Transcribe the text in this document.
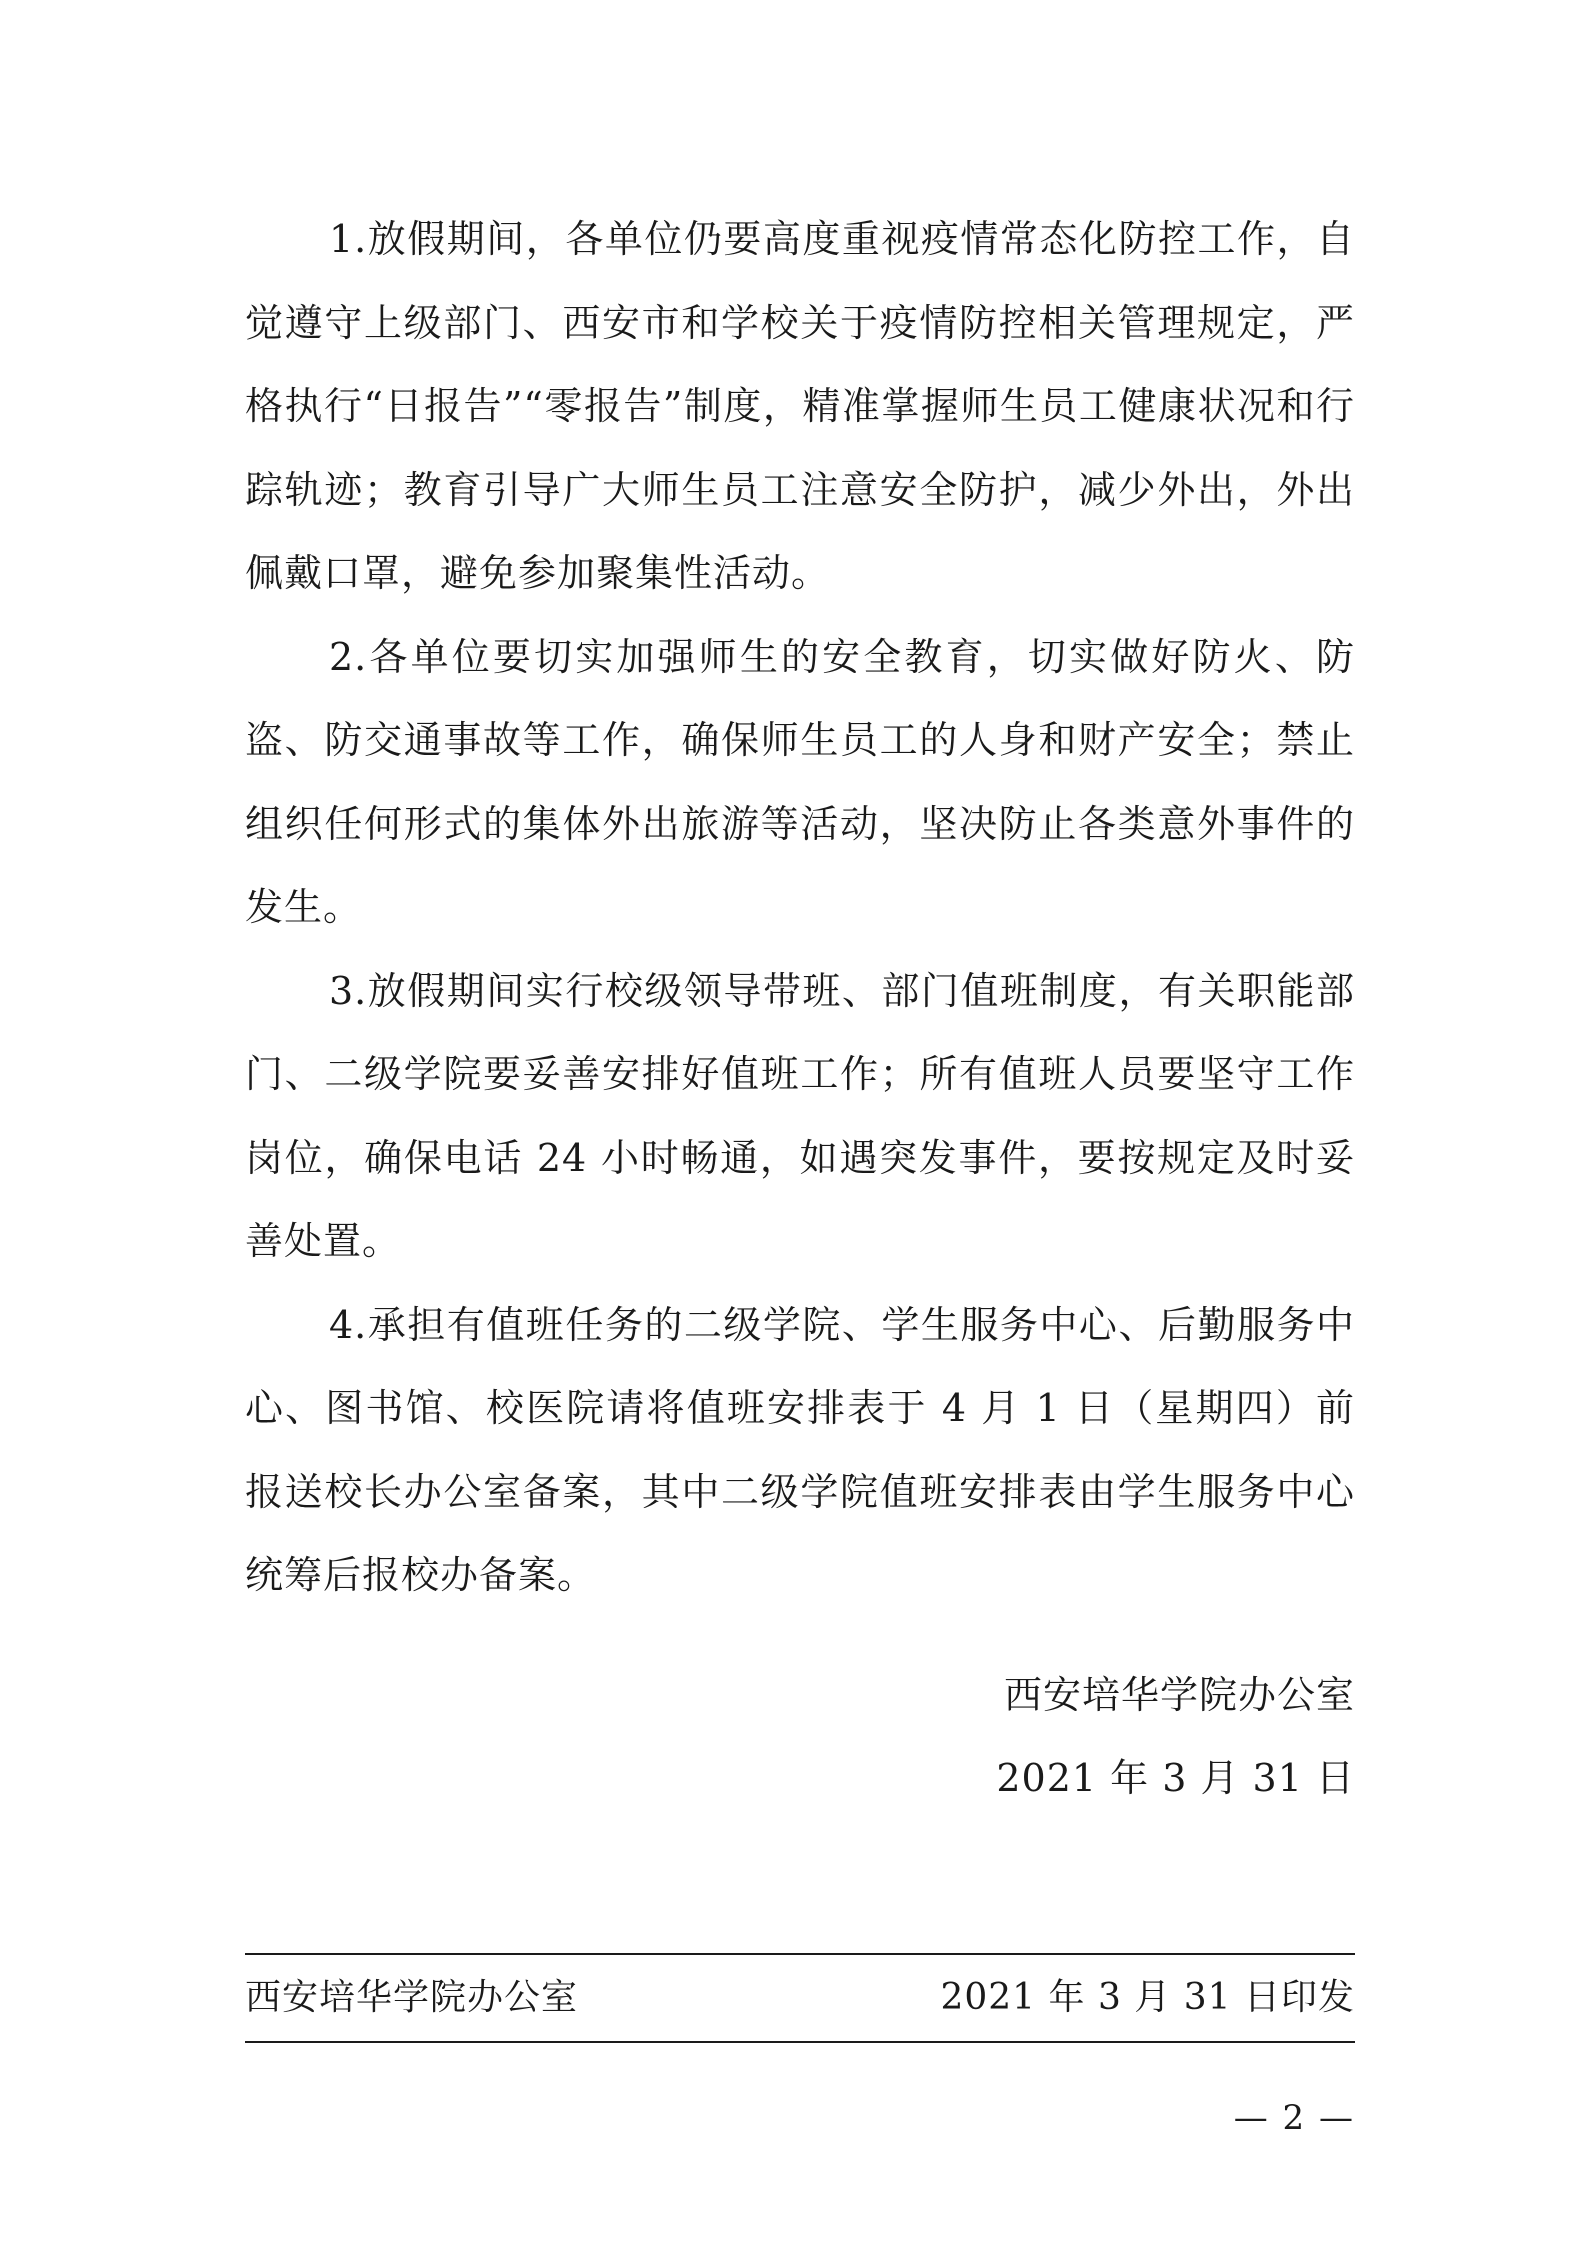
1.放假期间，各单位仍要高度重视疫情常态化防控工作，自觉遵守上级部门、西安市和学校关于疫情防控相关管理规定，严格执行“日报告”“零报告”制度，精准掌握师生员工健康状况和行踪轨迹；教育引导广大师生员工注意安全防护，减少外出，外出佩戴口罩，避免参加聚集性活动。

2.各单位要切实加强师生的安全教育，切实做好防火、防盗、防交通事故等工作，确保师生员工的人身和财产安全；禁止组织任何形式的集体外出旅游等活动，坚决防止各类意外事件的发生。

3.放假期间实行校级领导带班、部门值班制度，有关职能部门、二级学院要妥善安排好值班工作；所有值班人员要坚守工作岗位，确保电话 24 小时畅通，如遇突发事件，要按规定及时妥善处置。

4.承担有值班任务的二级学院、学生服务中心、后勤服务中心、图书馆、校医院请将值班安排表于 4 月 1 日（星期四）前报送校长办公室备案，其中二级学院值班安排表由学生服务中心统筹后报校办备案。

西安培华学院办公室
2021 年 3 月 31 日
西安培华学院办公室	2021 年 3 月 31 日印发
— 2 —
